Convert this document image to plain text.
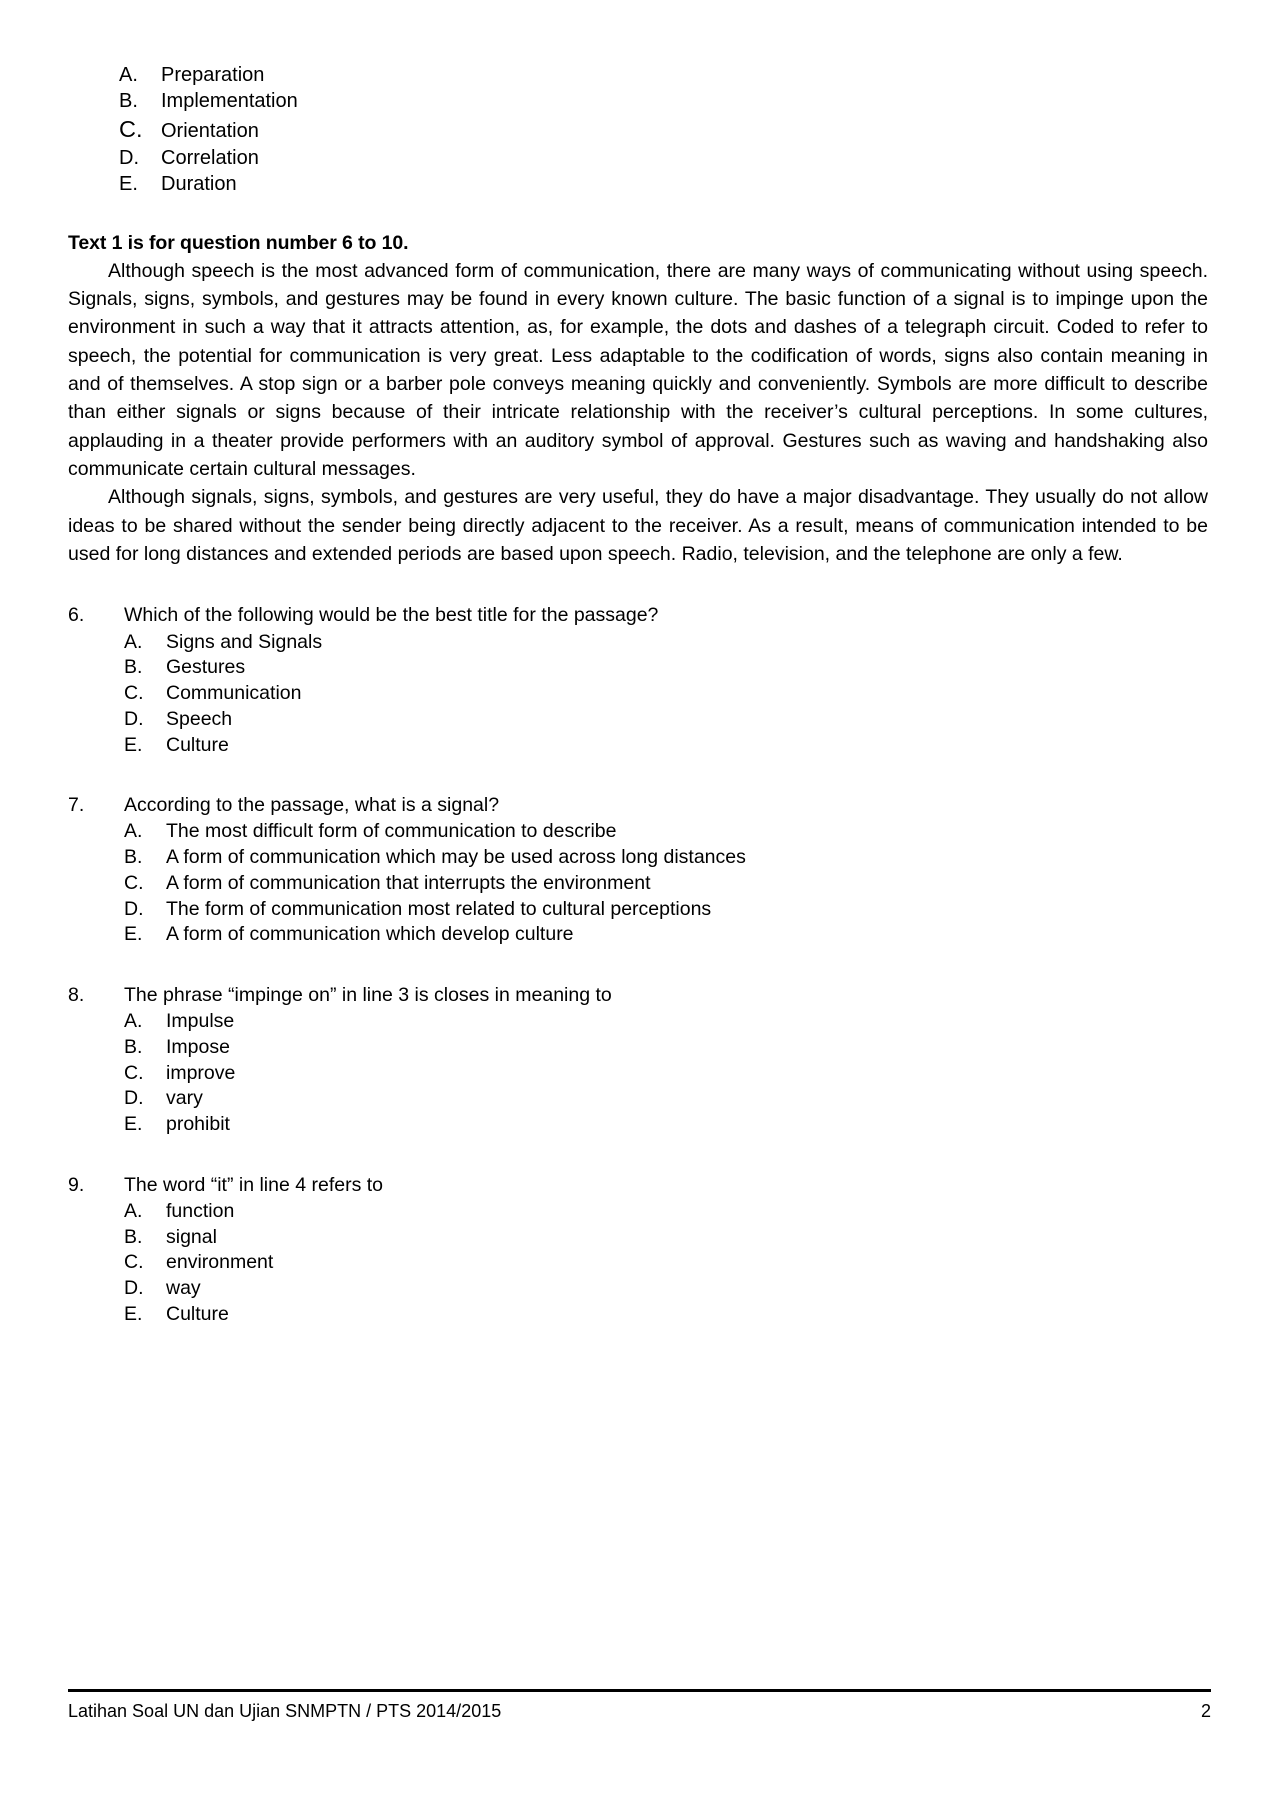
A.	Preparation
B.	Implementation
C. Orientation
D.	Correlation
E.	Duration
Text 1 is for question number 6 to 10.

Although speech is the most advanced form of communication, there are many ways of communicating without using speech. Signals, signs, symbols, and gestures may be found in every known culture. The basic function of a signal is to impinge upon the environment in such a way that it attracts attention, as, for example, the dots and dashes of a telegraph circuit. Coded to refer to speech, the potential for communication is very great. Less adaptable to the codification of words, signs also contain meaning in and of themselves. A stop sign or a barber pole conveys meaning quickly and conveniently. Symbols are more difficult to describe than either signals or signs because of their intricate relationship with the receiver’s cultural perceptions. In some cultures, applauding in a theater provide performers with an auditory symbol of approval. Gestures such as waving and handshaking also communicate certain cultural messages.

Although signals, signs, symbols, and gestures are very useful, they do have a major disadvantage. They usually do not allow ideas to be shared without the sender being directly adjacent to the receiver. As a result, means of communication intended to be used for long distances and extended periods are based upon speech. Radio, television, and the telephone are only a few.

6.	Which of the following would be the best title for the passage?
A.	Signs and Signals
B.	Gestures
C.	Communication
D.	Speech
E.	Culture
7.	According to the passage, what is a signal?
A.	The most difficult form of communication to describe
B.	A form of communication which may be used across long distances
C.	A form of communication that interrupts the environment
D.	The form of communication most related to cultural perceptions
E.	A form of communication which develop culture
8.	The phrase “impinge on” in line 3 is closes in meaning to
A.	Impulse
B.	Impose
C.	improve
D.	vary
E.	prohibit
9.	The word “it” in line 4 refers to
A.	function
B.	signal
C.	environment
D.	way
E.	Culture
Latihan Soal UN dan Ujian SNMPTN / PTS 2014/2015	2
